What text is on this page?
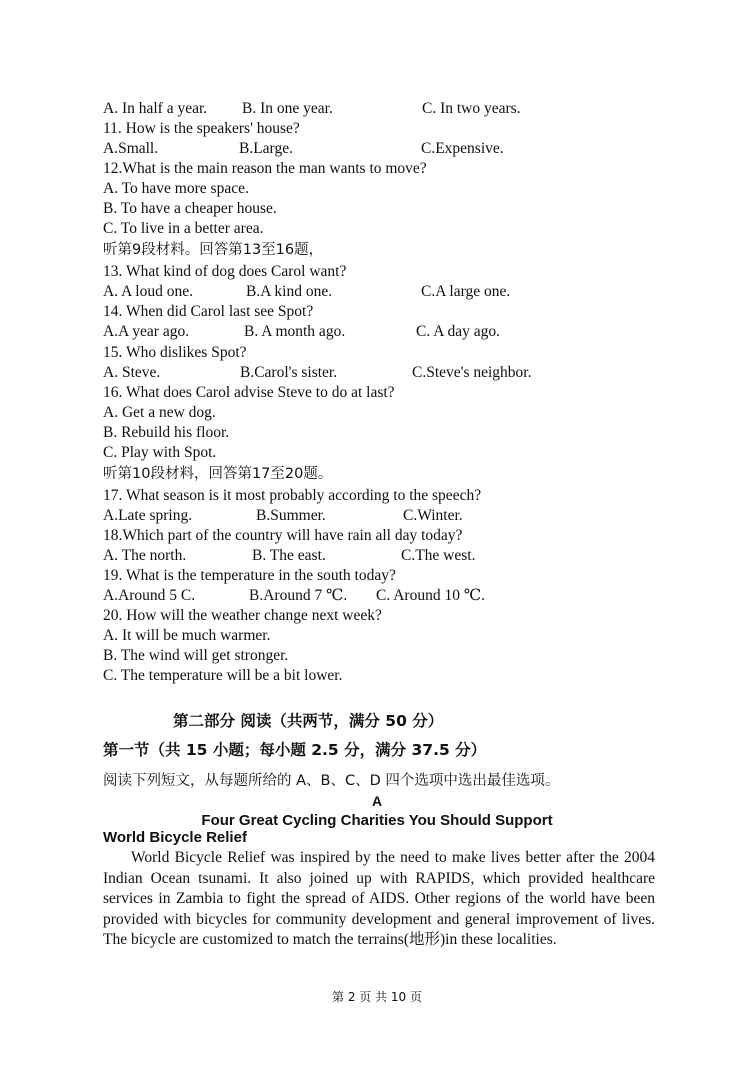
A. In half a year. B. In one year.	C. In two years.
11. How is the speakers' house?
A.Small.	B.Large.	C.Expensive.
12.What is the main reason the man wants to move?
A. To have more space.
B. To have a cheaper house.
C. To live in a better area.
听第9段材料。回答第13至16题，
13. What kind of dog does Carol want?
A. A loud one.	B.A kind one.	C.A large one.
14. When did Carol last see Spot?
A.A year ago.	B. A month ago.	C. A day ago.
15. Who dislikes Spot?
A. Steve.	B.Carol's sister.	C.Steve's neighbor.
16. What does Carol advise Steve to do at last?
A. Get a new dog.
B. Rebuild his floor.
C. Play with Spot.
听第10段材料，回答第17至20题。
17. What season is it most probably according to the speech?
A.Late spring.	B.Summer.	C.Winter.
18.Which part of the country will have rain all day today?
A. The north.	B. The east.	C.The west.
19. What is the temperature in the south today?
A.Around 5 C.	B.Around 7 ℃. C. Around 10 ℃.
20. How will the weather change next week?
A. It will be much warmer.
B. The wind will get stronger.
C. The temperature will be a bit lower.
第二部分 阅读（共两节，满分 50 分）
第一节（共 15 小题；每小题 2.5 分，满分 37.5 分）
阅读下列短文，从每题所给的 A、B、C、D 四个选项中选出最佳选项。
A
Four Great Cycling Charities You Should Support
World Bicycle Relief
World Bicycle Relief was inspired by the need to make lives better after the 2004 Indian Ocean tsunami. It also joined up with RAPIDS, which provided healthcare services in Zambia to fight the spread of AIDS. Other regions of the world have been provided with bicycles for community development and general improvement of lives. The bicycle are customized to match the terrains(地形)in these localities.
第 2 页 共 10 页
